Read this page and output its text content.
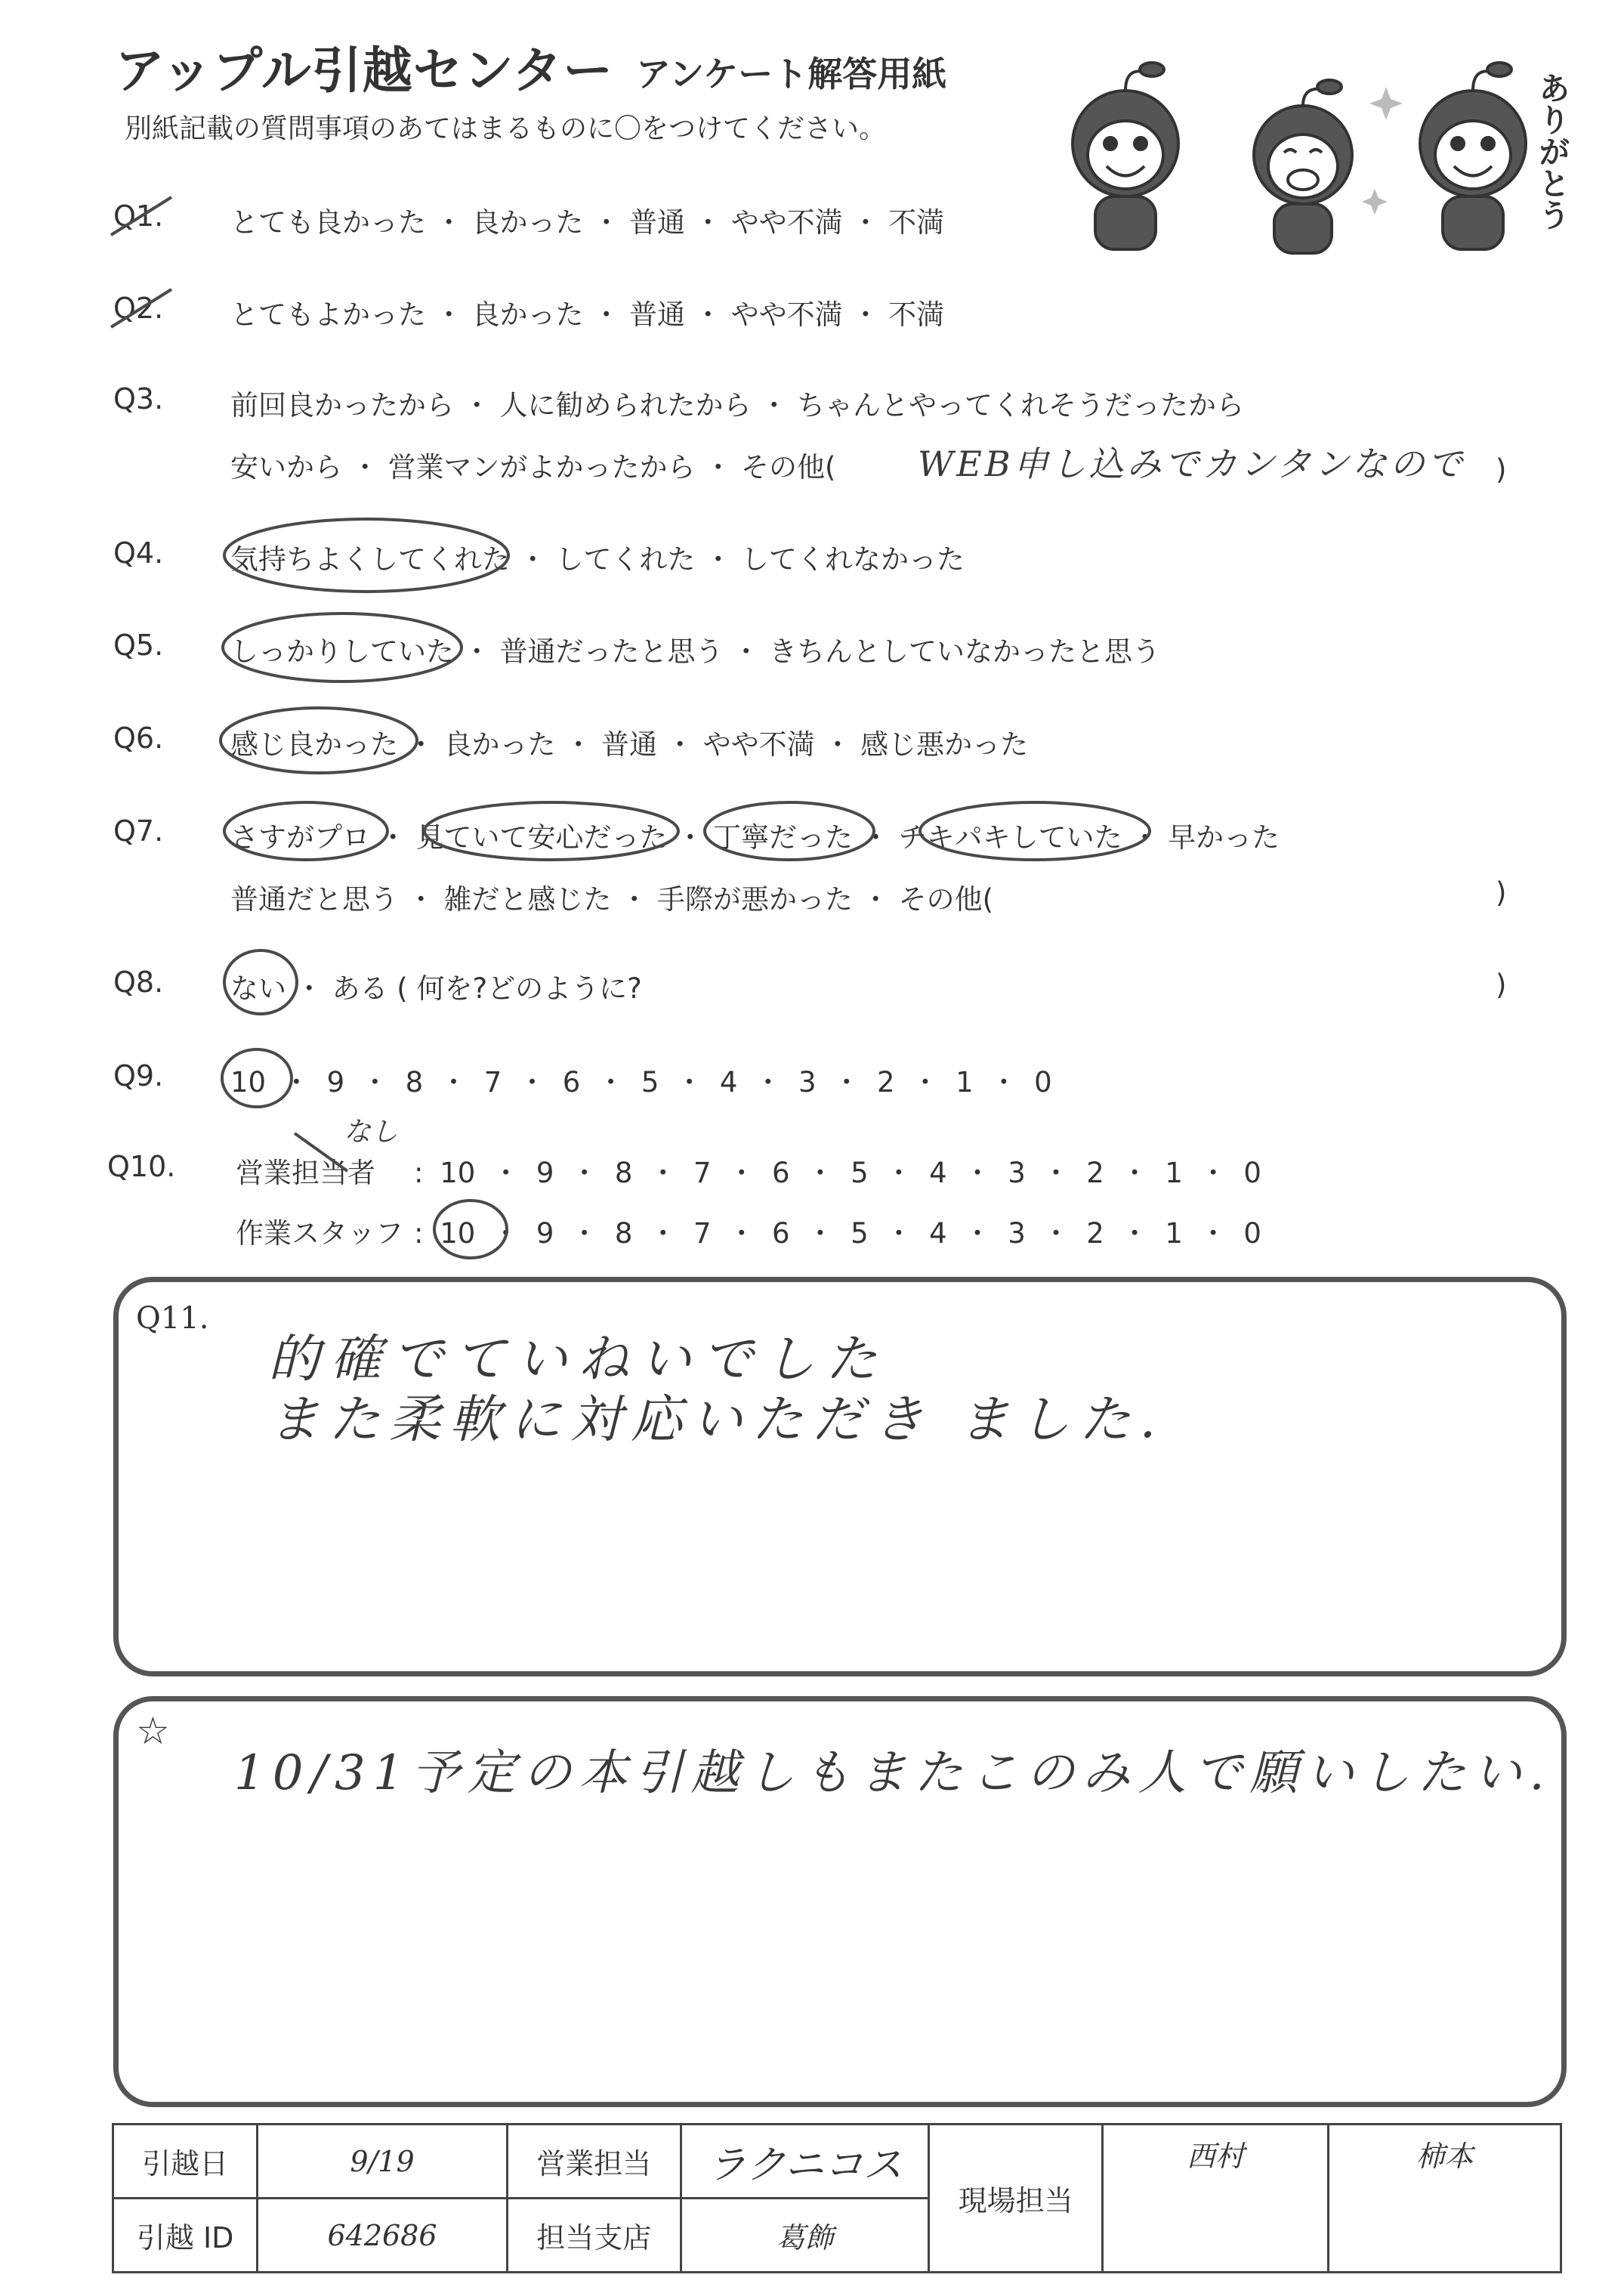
アップル引越センター アンケート解答用紙
別紙記載の質問事項のあてはまるものに〇をつけてください。	ありがとう
Q1. とても良かった ・ 良かった ・ 普通 ・ やや不満 ・ 不満
Q2. とてもよかった ・ 良かった ・ 普通 ・ やや不満 ・ 不満
Q3. 前回良かったから ・ 人に勧められたから ・ ちゃんとやってくれそうだったから
安いから ・ 営業マンがよかったから ・ その他( WEB申し込みでカンタンなので )
Q4. 気持ちよくしてくれた ・ してくれた ・ してくれなかった
Q5. しっかりしていた ・ 普通だったと思う ・ きちんとしていなかったと思う
Q6. 感じ良かった ・ 良かった ・ 普通 ・ やや不満 ・ 感じ悪かった
Q7. さすがプロ ・ 見ていて安心だった ・ 丁寧だった ・ チキパキしていた ・ 早かった
普通だと思う ・ 雑だと感じた ・ 手際が悪かった ・ その他(	)
Q8. ない ・ ある ( 何を?どのように?	)
Q9. 10 ・ 9 ・ 8 ・ 7 ・ 6 ・ 5 ・ 4 ・ 3 ・ 2 ・ 1 ・ 0
Q10. 営業担当者 : 10 ・ 9 ・ 8 ・ 7 ・ 6 ・ 5 ・ 4 ・ 3 ・ 2 ・ 1 ・ 0
なし
作業スタッフ : 10 ・ 9 ・ 8 ・ 7 ・ 6 ・ 5 ・ 4 ・ 3 ・ 2 ・ 1 ・ 0
Q11.
的確でていねいでした
また柔軟に対応いただき ました.
☆
10/31予定の本引越しもまたこのみ人で願いしたい.
引越日	9/19	営業担当	ラクニコス	現場担当	西村	柿本
引越 ID	642686	担当支店	葛飾			
